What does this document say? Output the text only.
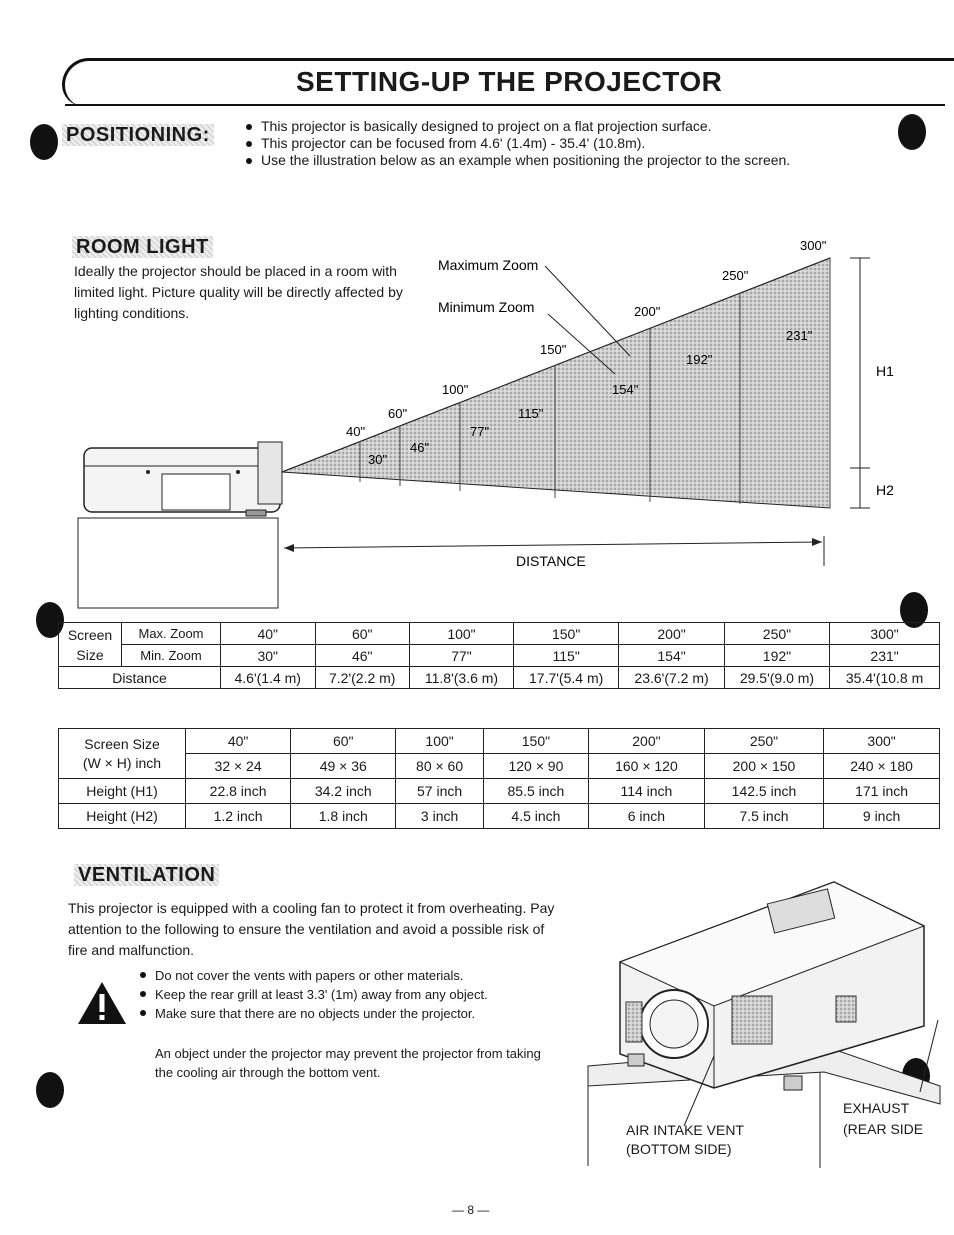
SETTING-UP THE PROJECTOR
POSITIONING:	This projector is basically designed to project on a flat projection surface.
This projector can be focused from 4.6' (1.4m) - 35.4' (10.8m).
Use the illustration below as an example when positioning the projector to the screen.
ROOM LIGHT
Ideally the projector should be placed in a room with limited light. Picture quality will be directly affected by lighting conditions.
H1
H2
Maximum Zoom
Minimum Zoom
40"
60"
100"
150"
200"
250"
300"
30"
46"
77"
115"
154"
192"
231"
DISTANCE
Screen
Size	Max. Zoom	40"	60"	100"	150"	200"	250"	300"
	Min. Zoom	30"	46"	77"	115"	154"	192"	231"
Distance		4.6'(1.4 m)	7.2'(2.2 m)	11.8'(3.6 m)	17.7'(5.4 m)	23.6'(7.2 m)	29.5'(9.0 m)	35.4'(10.8 m
Screen Size
(W × H) inch	40"	60"	100"	150"	200"	250"	300"
	32 × 24	49 × 36	80 × 60	120 × 90	160 × 120	200 × 150	240 × 180
Height (H1)	22.8 inch	34.2 inch	57 inch	85.5 inch	114 inch	142.5 inch	171 inch
Height (H2)	1.2 inch	1.8 inch	3 inch	4.5 inch	6 inch	7.5 inch	9 inch
VENTILATION
This projector is equipped with a cooling fan to protect it from overheating. Pay attention to the following to ensure the ventilation and avoid a possible risk of fire and malfunction.
Do not cover the vents with papers or other materials.
Keep the rear grill at least 3.3' (1m) away from any object.
Make sure that there are no objects under the projector.
An object under the projector may prevent the projector from taking the cooling air through the bottom vent.
AIR INTAKE VENT
(BOTTOM SIDE)
EXHAUST
(REAR SIDE
— 8 —
